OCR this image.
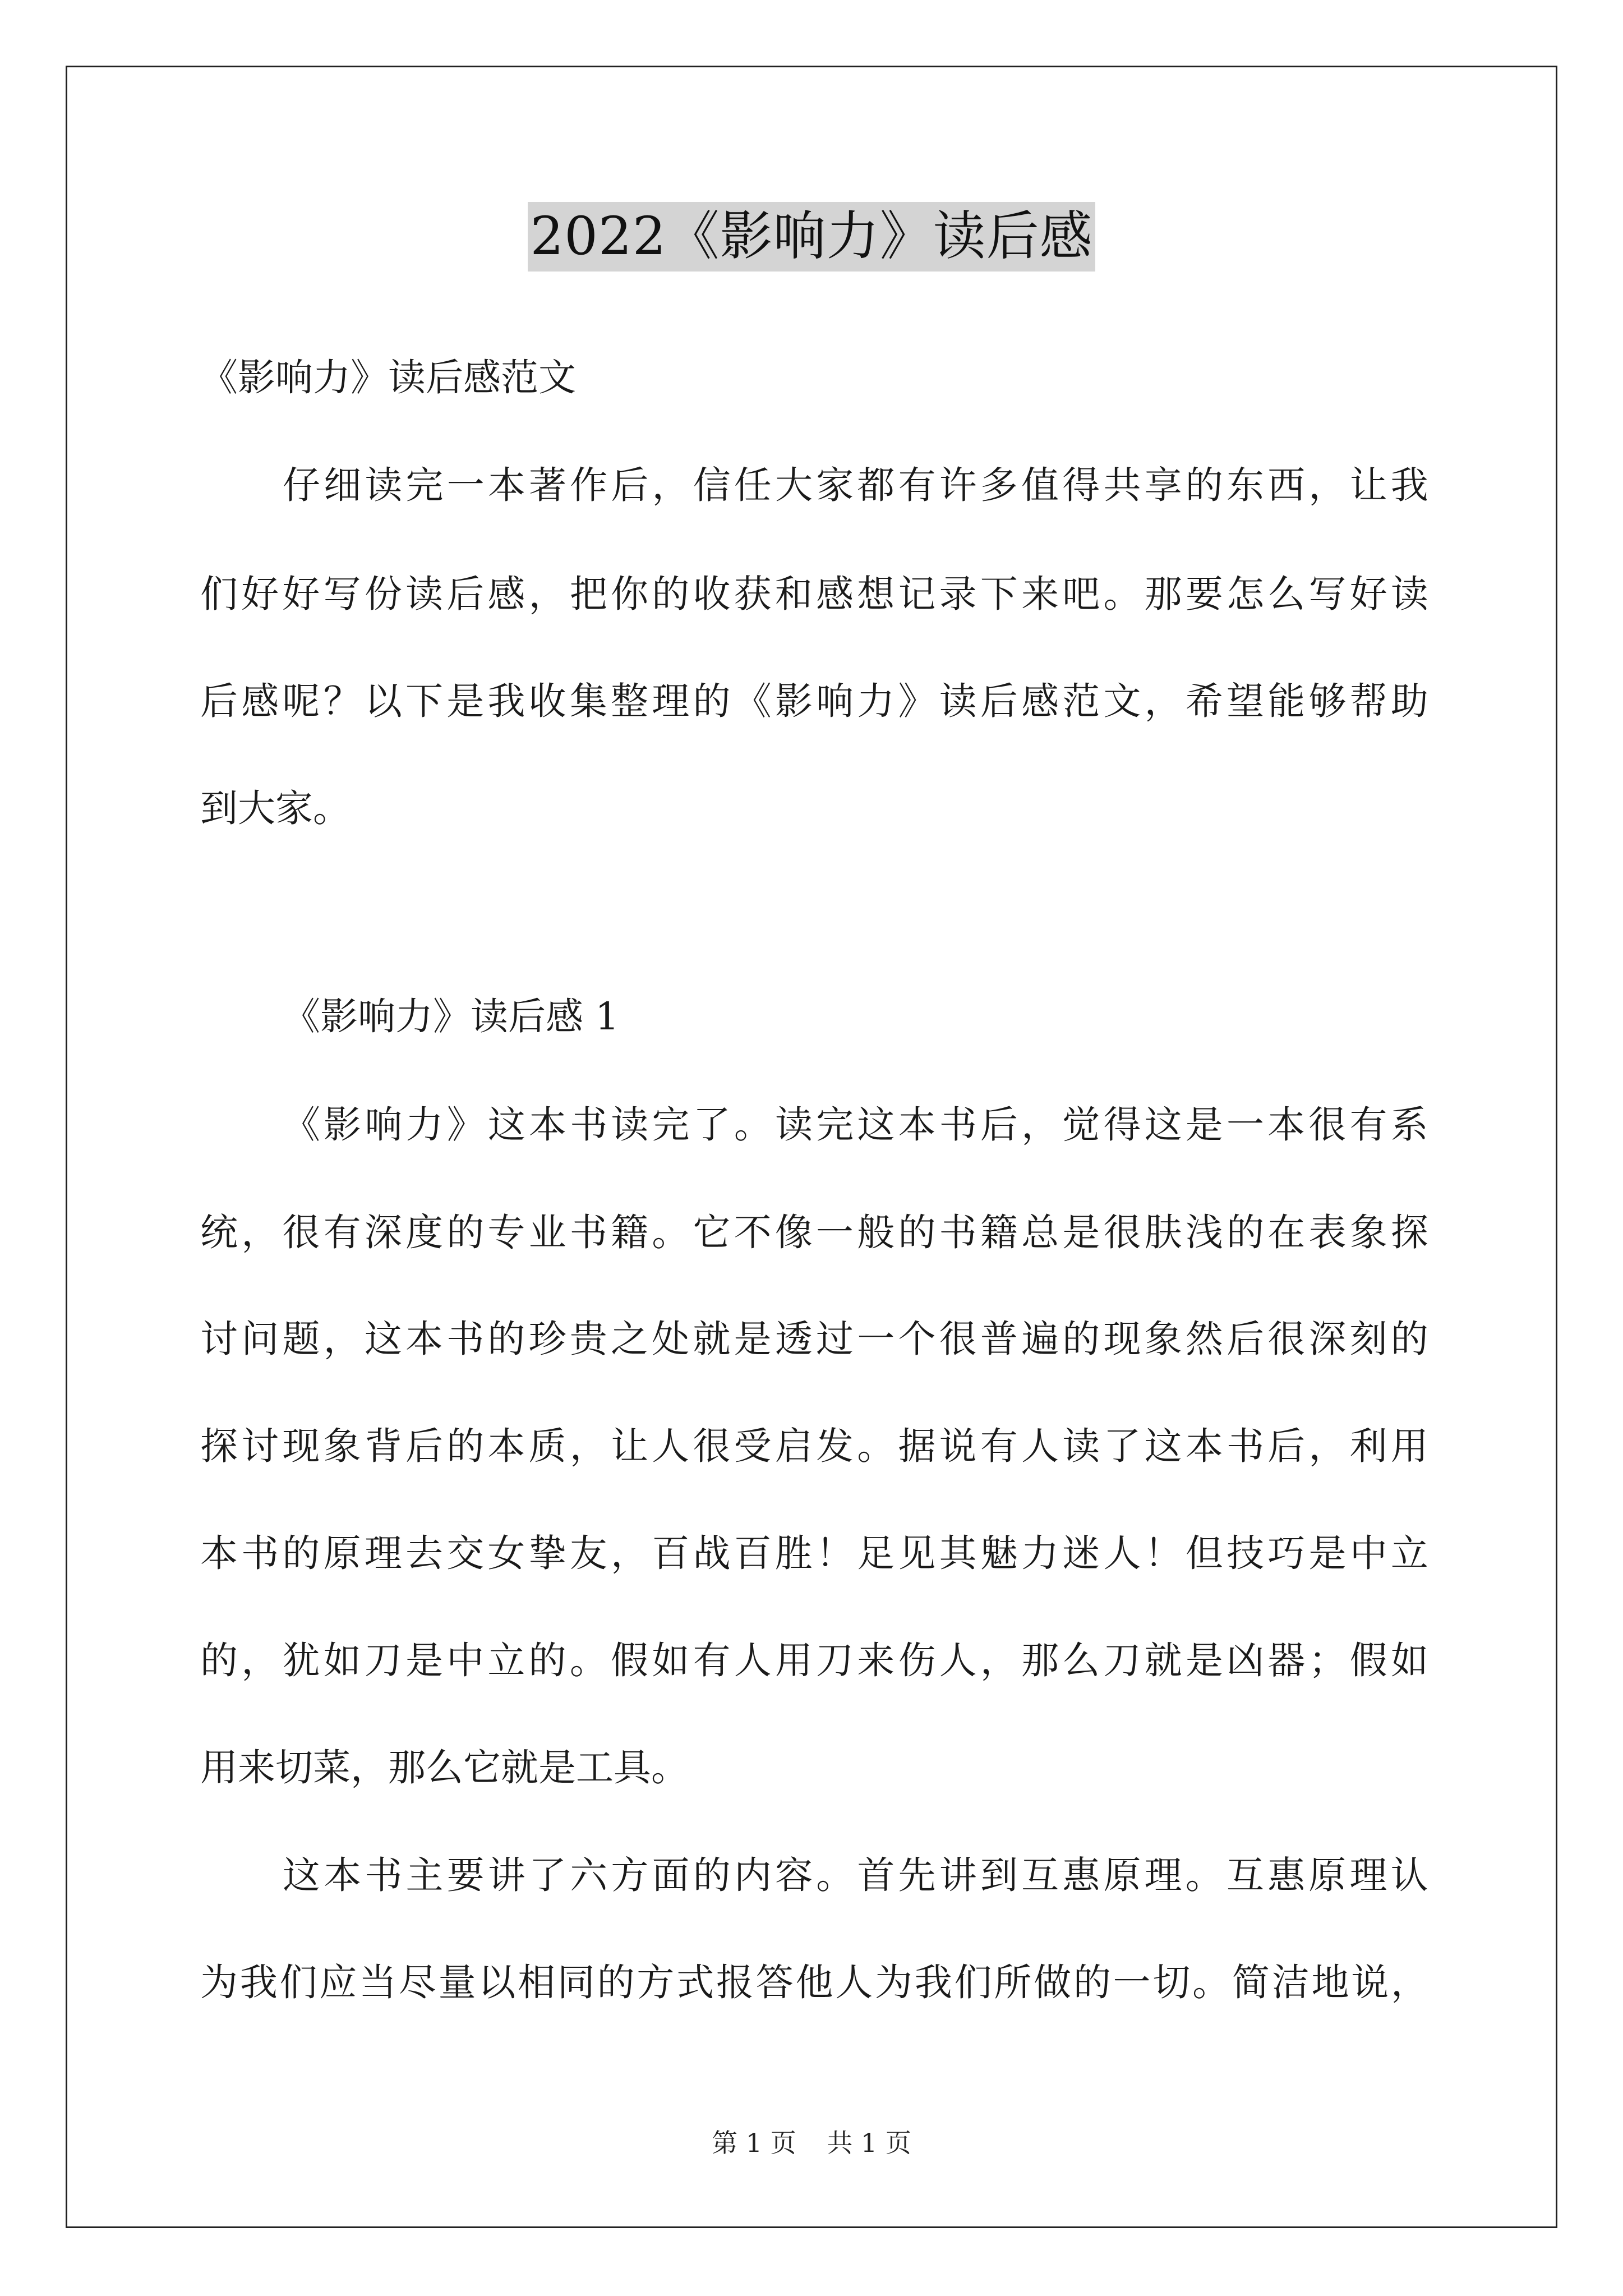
2022《影响力》读后感
《影响力》读后感范文
仔 细 读 完 一 本 著 作 后 ， 信 任 大 家 都 有 许 多 值 得 共 享 的 东 西 ， 让 我
们 好 好 写 份 读 后 感 ， 把 你 的 收 获 和 感 想 记 录 下 来 吧 。 那 要 怎 么 写 好 读
后 感 呢 ？ 以 下 是 我 收 集 整 理 的 《 影 响 力 》 读 后 感 范 文 ， 希 望 能 够 帮 助
到大家。
《影响力》读后感 1
《 影 响 力 》 这 本 书 读 完 了 。 读 完 这 本 书 后 ， 觉 得 这 是 一 本 很 有 系
统 ， 很 有 深 度 的 专 业 书 籍 。 它 不 像 一 般 的 书 籍 总 是 很 肤 浅 的 在 表 象 探
讨 问 题 ， 这 本 书 的 珍 贵 之 处 就 是 透 过 一 个 很 普 遍 的 现 象 然 后 很 深 刻 的
探 讨 现 象 背 后 的 本 质 ， 让 人 很 受 启 发 。 据 说 有 人 读 了 这 本 书 后 ， 利 用
本 书 的 原 理 去 交 女 挚 友 ， 百 战 百 胜 ！ 足 见 其 魅 力 迷 人 ！ 但 技 巧 是 中 立
的 ， 犹 如 刀 是 中 立 的 。 假 如 有 人 用 刀 来 伤 人 ， 那 么 刀 就 是 凶 器 ； 假 如
用来切菜，那么它就是工具。
这 本 书 主 要 讲 了 六 方 面 的 内 容 。 首 先 讲 到 互 惠 原 理 。 互 惠 原 理 认
为 我 们 应 当 尽 量 以 相 同 的 方 式 报 答 他 人 为 我 们 所 做 的 一 切 。 简 洁 地 说 ，
第 1 页 共 1 页
